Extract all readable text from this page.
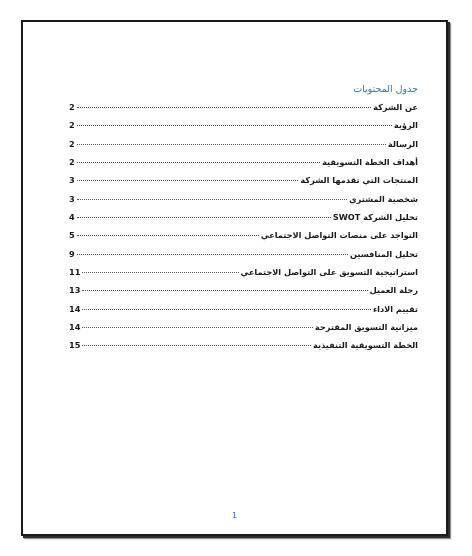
جدول المحتويات
عن الشركة
2
الرؤية
2
الرسالة
2
أهداف الخطة التسويقية
2
المنتجات التي تقدمها الشركة
3
شخصية المشتري
3
تحليل الشركة SWOT
4
التواجد على منصات التواصل الاجتماعي
5
تحليل المنافسين
9
استراتيجية التسويق على التواصل الاجتماعي
11
رحلة العميل
13
تقييم الاداء
14
ميزانية التسويق المقترحة
14
الخطة التسويقية التنفيذية
15
1
